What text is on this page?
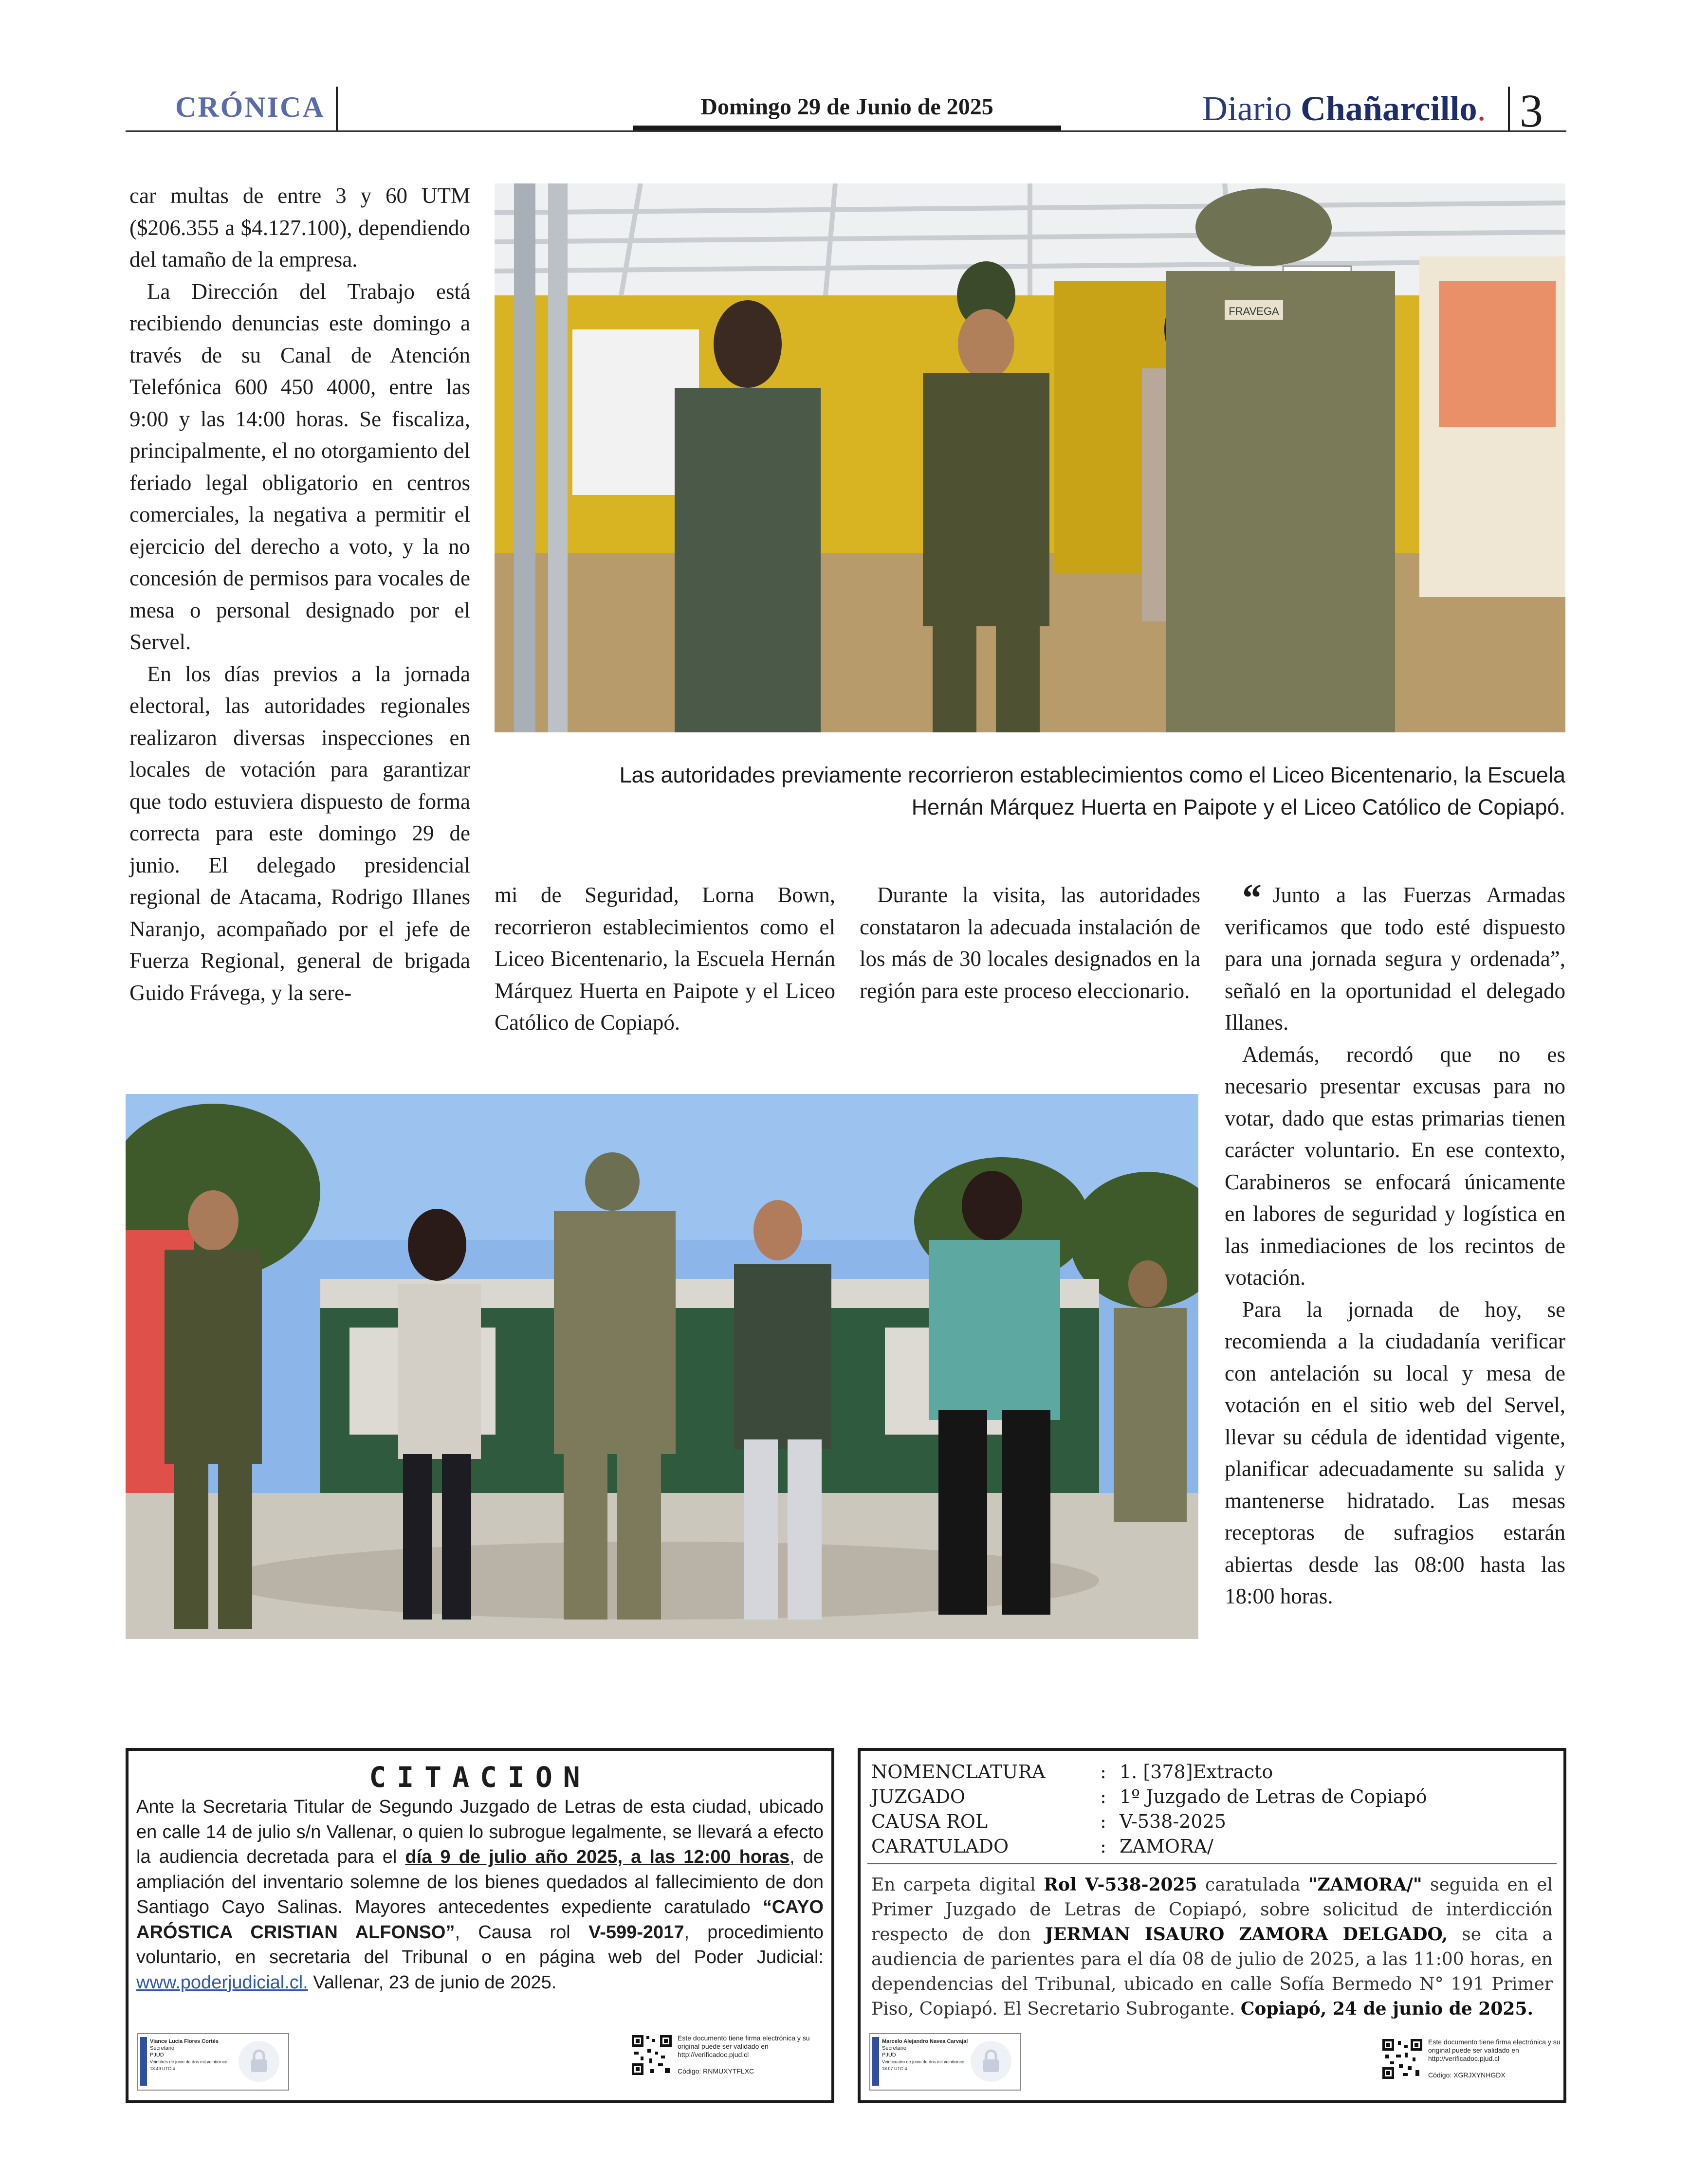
CRÓNICA	Domingo 29 de Junio de 2025	Diario Chañarcillo. 3

car multas de entre 3 y 60 UTM ($206.355 a $4.127.100), dependiendo del tamaño de la empresa.

La Dirección del Trabajo está recibiendo denuncias este domingo a través de su Canal de Atención Telefónica 600 450 4000, entre las 9:00 y las 14:00 horas. Se fiscaliza, principalmente, el no otorgamiento del feriado legal obligatorio en centros comerciales, la negativa a permitir el ejercicio del derecho a voto, y la no concesión de permisos para vocales de mesa o personal designado por el Servel.

En los días previos a la jornada electoral, las autoridades regionales realizaron diversas inspecciones en locales de votación para garantizar que todo estuviera dispuesto de forma correcta para este domingo 29 de junio. El delegado presidencial regional de Atacama, Rodrigo Illanes Naranjo, acompañado por el jefe de Fuerza Regional, general de brigada Guido Frávega, y la sere-

FRAVEGA
Las autoridades previamente recorrieron establecimientos como el Liceo Bicentenario, la Escuela
Hernán Márquez Huerta en Paipote y el Liceo Católico de Copiapó.

mi de Seguridad, Lorna Bown, recorrieron establecimientos como el Liceo Bicentenario, la Escuela Hernán Márquez Huerta en Paipote y el Liceo Católico de Copiapó.

Durante la visita, las autoridades constataron la adecuada instalación de los más de 30 locales designados en la región para este proceso eleccionario.

“ Junto a las Fuerzas Armadas verificamos que todo esté dispuesto para una jornada segura y ordenada”, señaló en la oportunidad el delegado Illanes.

Además, recordó que no es necesario presentar excusas para no votar, dado que estas primarias tienen carácter voluntario. En ese contexto, Carabineros se enfocará únicamente en labores de seguridad y logística en las inmediaciones de los recintos de votación.

Para la jornada de hoy, se recomienda a la ciudadanía verificar con antelación su local y mesa de votación en el sitio web del Servel, llevar su cédula de identidad vigente, planificar adecuadamente su salida y mantenerse hidratado. Las mesas receptoras de sufragios estarán abiertas desde las 08:00 hasta las 18:00 horas.

CITACION
Ante la Secretaria Titular de Segundo Juzgado de Letras de esta ciudad, ubicado en calle 14 de julio s/n Vallenar, o quien lo subrogue legalmente, se llevará a efecto la audiencia decretada para el día 9 de julio año 2025, a las 12:00 horas, de ampliación del inventario solemne de los bienes quedados al fallecimiento de don Santiago Cayo Salinas. Mayores antecedentes expediente caratulado “CAYO ARÓSTICA CRISTIAN ALFONSO”, Causa rol V-599-2017, procedimiento voluntario, en secretaria del Tribunal o en página web del Poder Judicial: www.poderjudicial.cl. Vallenar, 23 de junio de 2025.
Viance Lucia Flores Cortés
Secretario
PJUD
Veintitrés de junio de dos mil veinticinco
18:49 UTC-4
Este documento tiene firma electrónica y su original puede ser validado en http://verificadoc.pjud.cl
Código: RNMUXYTFLXC
NOMENCLATURA	: 1. [378]Extracto
JUZGADO	: 1º Juzgado de Letras de Copiapó
CAUSA ROL	: V-538-2025
CARATULADO	: ZAMORA/
En carpeta digital Rol V-538-2025 caratulada "ZAMORA/" seguida en el Primer Juzgado de Letras de Copiapó, sobre solicitud de interdicción respecto de don JERMAN ISAURO ZAMORA DELGADO, se cita a audiencia de parientes para el día 08 de julio de 2025, a las 11:00 horas, en dependencias del Tribunal, ubicado en calle Sofía Bermedo N° 191 Primer Piso, Copiapó. El Secretario Subrogante. Copiapó, 24 de junio de 2025.
Marcelo Alejandro Navea Carvajal
Secretario
PJUD
Veinticuatro de junio de dos mil veinticinco
18:07 UTC-4
Este documento tiene firma electrónica y su original puede ser validado en http://verificadoc.pjud.cl
Código: XGRJXYNHGDX
